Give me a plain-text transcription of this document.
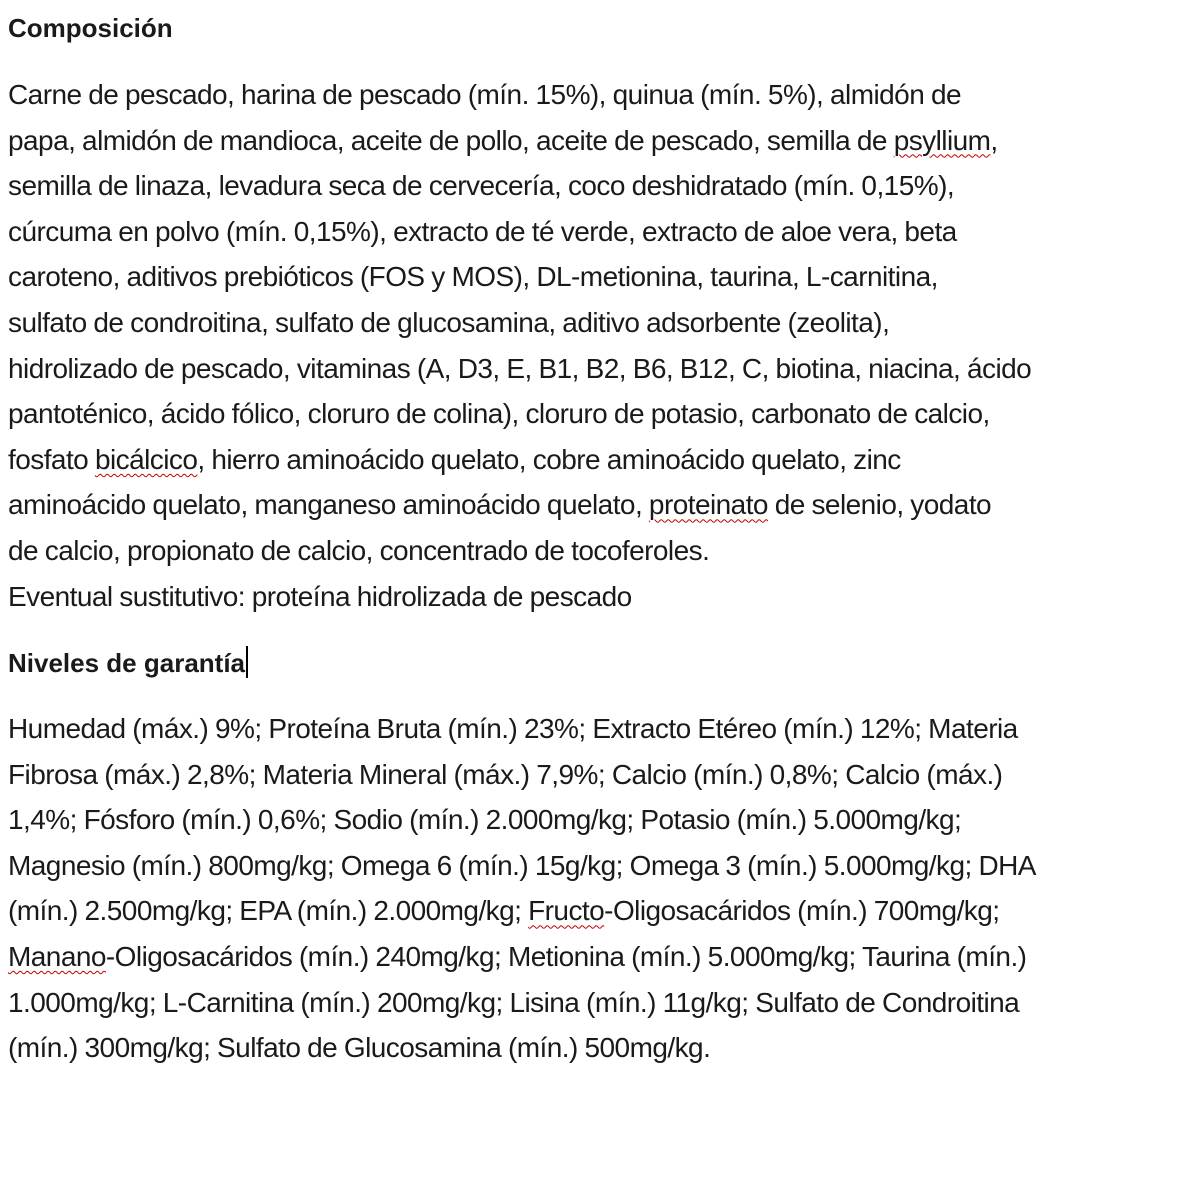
Composición
Carne de pescado, harina de pescado (mín. 15%), quinua (mín. 5%), almidón de
papa, almidón de mandioca, aceite de pollo, aceite de pescado, semilla de psyllium,
semilla de linaza, levadura seca de cervecería, coco deshidratado (mín. 0,15%),
cúrcuma en polvo (mín. 0,15%), extracto de té verde, extracto de aloe vera, beta
caroteno, aditivos prebióticos (FOS y MOS), DL-metionina, taurina, L-carnitina,
sulfato de condroitina, sulfato de glucosamina, aditivo adsorbente (zeolita),
hidrolizado de pescado, vitaminas (A, D3, E, B1, B2, B6, B12, C, biotina, niacina, ácido
pantoténico, ácido fólico, cloruro de colina), cloruro de potasio, carbonato de calcio,
fosfato bicálcico, hierro aminoácido quelato, cobre aminoácido quelato, zinc
aminoácido quelato, manganeso aminoácido quelato, proteinato de selenio, yodato
de calcio, propionato de calcio, concentrado de tocoferoles.
Eventual sustitutivo: proteína hidrolizada de pescado
Niveles de garantía
Humedad (máx.) 9%; Proteína Bruta (mín.) 23%; Extracto Etéreo (mín.) 12%; Materia
Fibrosa (máx.) 2,8%; Materia Mineral (máx.) 7,9%; Calcio (mín.) 0,8%; Calcio (máx.)
1,4%; Fósforo (mín.) 0,6%; Sodio (mín.) 2.000mg/kg; Potasio (mín.) 5.000mg/kg;
Magnesio (mín.) 800mg/kg; Omega 6 (mín.) 15g/kg; Omega 3 (mín.) 5.000mg/kg; DHA
(mín.) 2.500mg/kg; EPA (mín.) 2.000mg/kg; Fructo-Oligosacáridos (mín.) 700mg/kg;
Manano-Oligosacáridos (mín.) 240mg/kg; Metionina (mín.) 5.000mg/kg; Taurina (mín.)
1.000mg/kg; L-Carnitina (mín.) 200mg/kg; Lisina (mín.) 11g/kg; Sulfato de Condroitina
(mín.) 300mg/kg; Sulfato de Glucosamina (mín.) 500mg/kg.
